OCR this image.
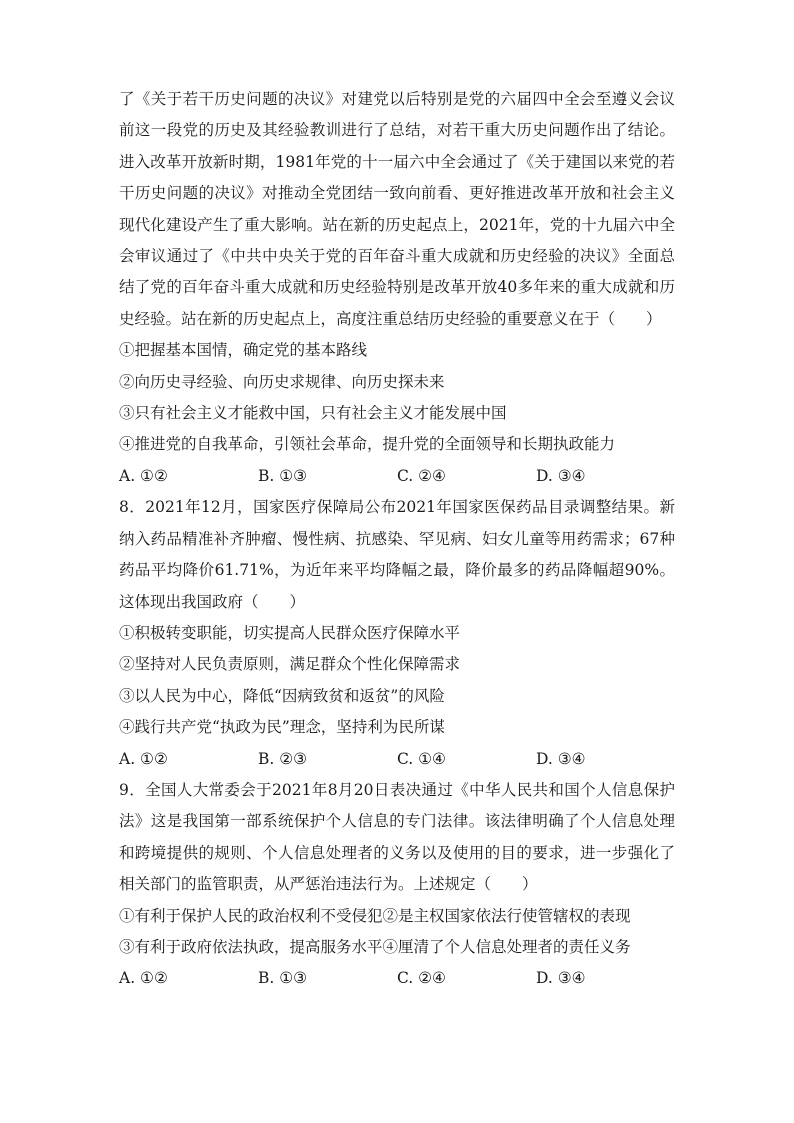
了《关于若干历史问题的决议》对建党以后特别是党的六届四中全会至遵义会议前这一段党的历史及其经验教训进行了总结，对若干重大历史问题作出了结论。进入改革开放新时期，1981年党的十一届六中全会通过了《关于建国以来党的若干历史问题的决议》对推动全党团结一致向前看、更好推进改革开放和社会主义现代化建设产生了重大影响。站在新的历史起点上，2021年，党的十九届六中全会审议通过了《中共中央关于党的百年奋斗重大成就和历史经验的决议》全面总结了党的百年奋斗重大成就和历史经验特别是改革开放40多年来的重大成就和历史经验。站在新的历史起点上，高度注重总结历史经验的重要意义在于（　　）

①把握基本国情，确定党的基本路线

②向历史寻经验、向历史求规律、向历史探未来

③只有社会主义才能救中国，只有社会主义才能发展中国

④推进党的自我革命，引领社会革命，提升党的全面领导和长期执政能力

A. ①②	B. ①③	C. ②④	D. ③④

8．2021年12月，国家医疗保障局公布2021年国家医保药品目录调整结果。新纳入药品精准补齐肿瘤、慢性病、抗感染、罕见病、妇女儿童等用药需求；67种药品平均降价61.71%，为近年来平均降幅之最，降价最多的药品降幅超90%。这体现出我国政府（　　）

①积极转变职能，切实提高人民群众医疗保障水平

②坚持对人民负责原则，满足群众个性化保障需求

③以人民为中心，降低“因病致贫和返贫”的风险

④践行共产党“执政为民”理念，坚持利为民所谋

A. ①②	B. ②③	C. ①④	D. ③④

9．全国人大常委会于2021年8月20日表决通过《中华人民共和国个人信息保护法》这是我国第一部系统保护个人信息的专门法律。该法律明确了个人信息处理和跨境提供的规则、个人信息处理者的义务以及使用的目的要求，进一步强化了相关部门的监管职责，从严惩治违法行为。上述规定（　　）

①有利于保护人民的政治权利不受侵犯②是主权国家依法行使管辖权的表现

③有利于政府依法执政，提高服务水平④厘清了个人信息处理者的责任义务

A. ①②	B. ①③	C. ②④	D. ③④
